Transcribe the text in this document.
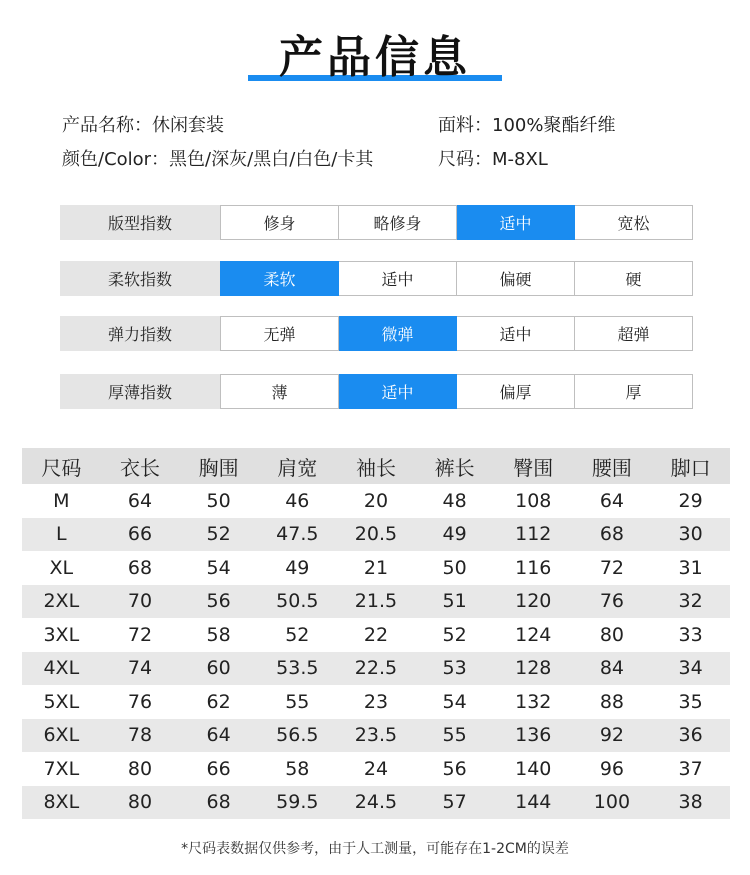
产品信息
产品名称：休闲套装	面料：100%聚酯纤维
颜色/Color：黑色/深灰/黑白/白色/卡其	尺码：M-8XL
版型指数	修身	略修身	适中	宽松
柔软指数	柔软	适中	偏硬	硬
弹力指数	无弹	微弹	适中	超弹
厚薄指数	薄	适中	偏厚	厚
尺码	衣长	胸围	肩宽	袖长	裤长	臀围	腰围	脚口
M	64	50	46	20	48	108	64	29
L	66	52	47.5	20.5	49	112	68	30
XL	68	54	49	21	50	116	72	31
2XL	70	56	50.5	21.5	51	120	76	32
3XL	72	58	52	22	52	124	80	33
4XL	74	60	53.5	22.5	53	128	84	34
5XL	76	62	55	23	54	132	88	35
6XL	78	64	56.5	23.5	55	136	92	36
7XL	80	66	58	24	56	140	96	37
8XL	80	68	59.5	24.5	57	144	100	38
*尺码表数据仅供参考，由于人工测量，可能存在1-2CM的误差
